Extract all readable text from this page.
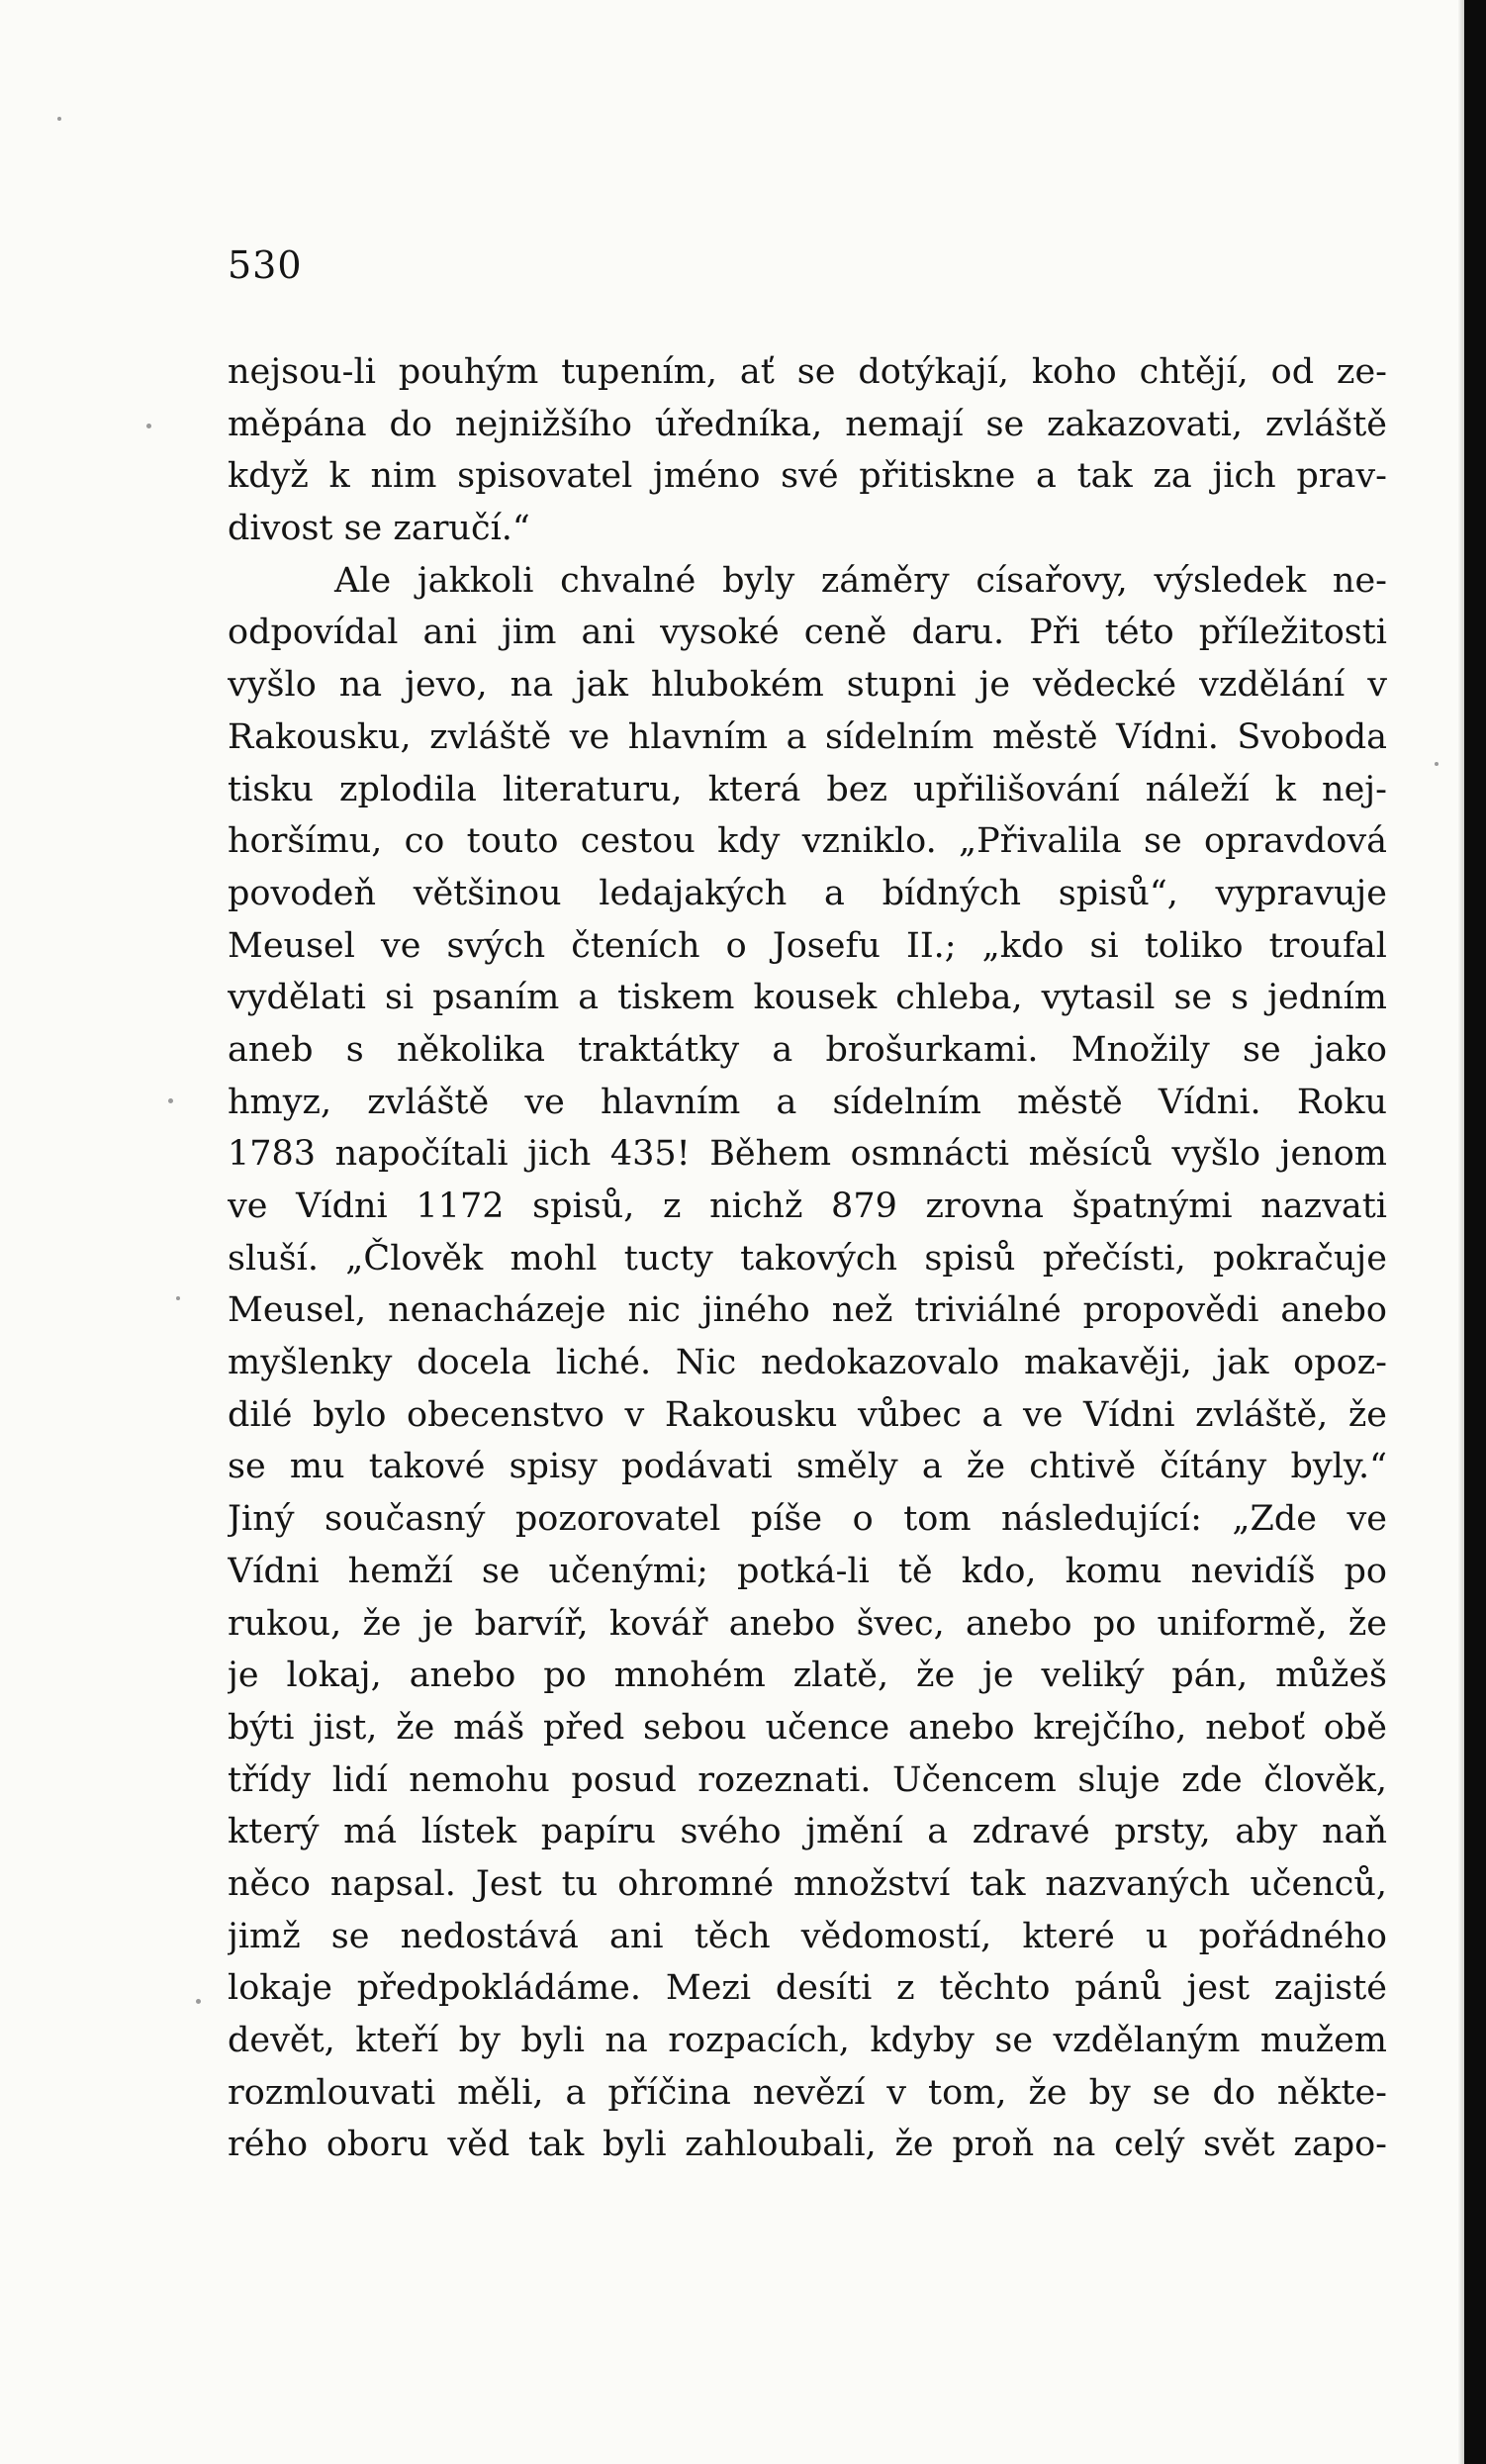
530
nejsou-li pouhým tupením, ať se dotýkají, koho chtějí, od ze-
měpána do nejnižšího úředníka, nemají se zakazovati, zvláště
když k nim spisovatel jméno své přitiskne a tak za jich prav-
divost se zaručí.“
Ale jakkoli chvalné byly záměry císařovy, výsledek ne-
odpovídal ani jim ani vysoké ceně daru. Při této příležitosti
vyšlo na jevo, na jak hlubokém stupni je vědecké vzdělání v
Rakousku, zvláště ve hlavním a sídelním městě Vídni. Svoboda
tisku zplodila literaturu, která bez upřilišování náleží k nej-
horšímu, co touto cestou kdy vzniklo. „Přivalila se opravdová
povodeň většinou ledajakých a bídných spisů“, vypravuje
Meusel ve svých čteních o Josefu II.; „kdo si toliko troufal
vydělati si psaním a tiskem kousek chleba, vytasil se s jedním
aneb s několika traktátky a brošurkami. Množily se jako
hmyz, zvláště ve hlavním a sídelním městě Vídni. Roku
1783 napočítali jich 435! Během osmnácti měsíců vyšlo jenom
ve Vídni 1172 spisů, z nichž 879 zrovna špatnými nazvati
sluší. „Člověk mohl tucty takových spisů přečísti, pokračuje
Meusel, nenacházeje nic jiného než triviálné propovědi anebo
myšlenky docela liché. Nic nedokazovalo makavěji, jak opoz-
dilé bylo obecenstvo v Rakousku vůbec a ve Vídni zvláště, že
se mu takové spisy podávati směly a že chtivě čítány byly.“
Jiný současný pozorovatel píše o tom následující: „Zde ve
Vídni hemží se učenými; potká-li tě kdo, komu nevidíš po
rukou, že je barvíř, kovář anebo švec, anebo po uniformě, že
je lokaj, anebo po mnohém zlatě, že je veliký pán, můžeš
býti jist, že máš před sebou učence anebo krejčího, neboť obě
třídy lidí nemohu posud rozeznati. Učencem sluje zde člověk,
který má lístek papíru svého jmění a zdravé prsty, aby naň
něco napsal. Jest tu ohromné množství tak nazvaných učenců,
jimž se nedostává ani těch vědomostí, které u pořádného
lokaje předpokládáme. Mezi desíti z těchto pánů jest zajisté
devět, kteří by byli na rozpacích, kdyby se vzdělaným mužem
rozmlouvati měli, a příčina nevězí v tom, že by se do někte-
rého oboru věd tak byli zahloubali, že proň na celý svět zapo-
